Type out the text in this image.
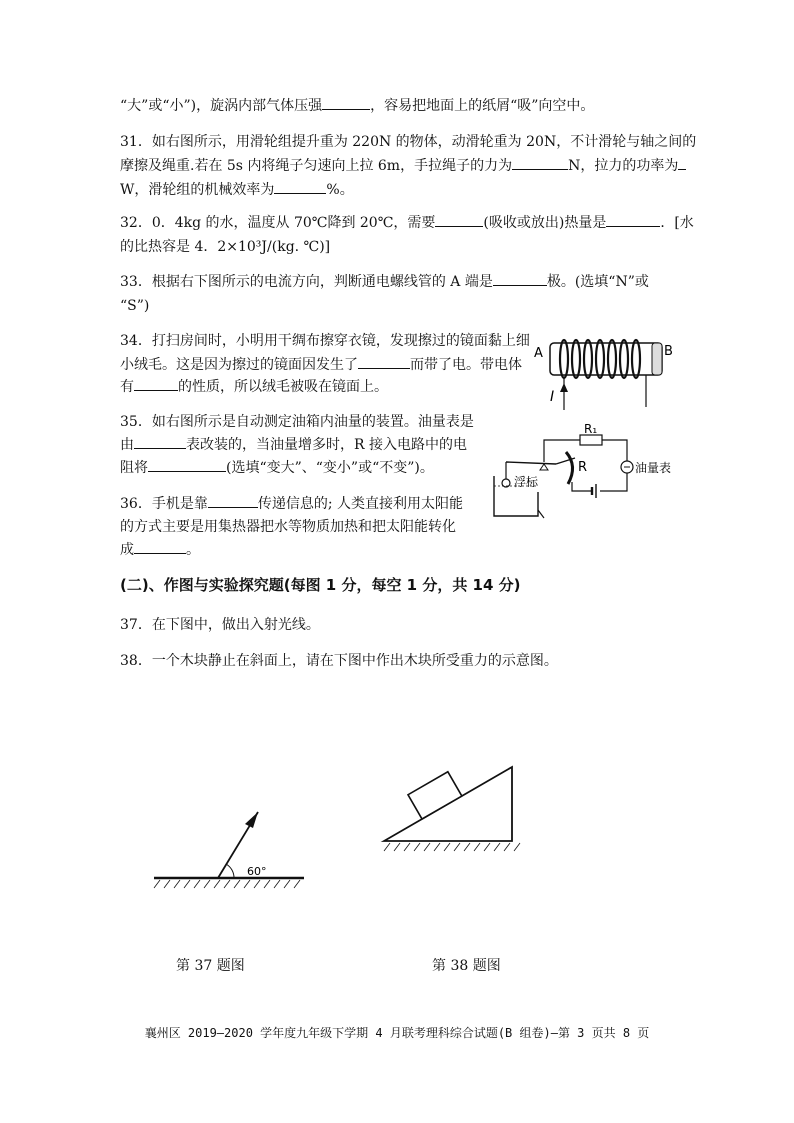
“大”或“小”)，旋涡内部气体压强	，容易把地面上的纸屑“吸”向空中。

31．如右图所示，用滑轮组提升重为 220N 的物体，动滑轮重为 20N，不计滑轮与轴之间的

摩擦及绳重.若在 5s 内将绳子匀速向上拉 6m，手拉绳子的力为	N，拉力的功率为

W，滑轮组的机械效率为	%。

32．0．4kg 的水，温度从 70℃降到 20℃，需要	(吸收或放出)热量是	．[水

的比热容是 4．2×10³J/(kg. ℃)]

33．根据右下图所示的电流方向，判断通电螺线管的 A 端是	极。(选填“N”或

“S”)

34．打扫房间时，小明用干绸布擦穿衣镜，发现擦过的镜面黏上细

小绒毛。这是因为擦过的镜面因发生了	而带了电。带电体

有	的性质，所以绒毛被吸在镜面上。

35．如右图所示是自动测定油箱内油量的装置。油量表是

由	表改装的，当油量增多时，R 接入电路中的电

阻将	(选填“变大”、“变小”或“不变”)。

36．手机是靠	传递信息的; 人类直接利用太阳能

的方式主要是用集热器把水等物质加热和把太阳能转化

成	。

A	B
I
浮标
R₁
R	油量表
(二)、作图与实验探究题(每图 1 分，每空 1 分，共 14 分)

37．在下图中，做出入射光线。

38．一个木块静止在斜面上，请在下图中作出木块所受重力的示意图。

60°
第 37 题图	第 38 题图
襄州区 2019—2020 学年度九年级下学期 4 月联考理科综合试题(B 组卷)—第 3 页共 8 页
